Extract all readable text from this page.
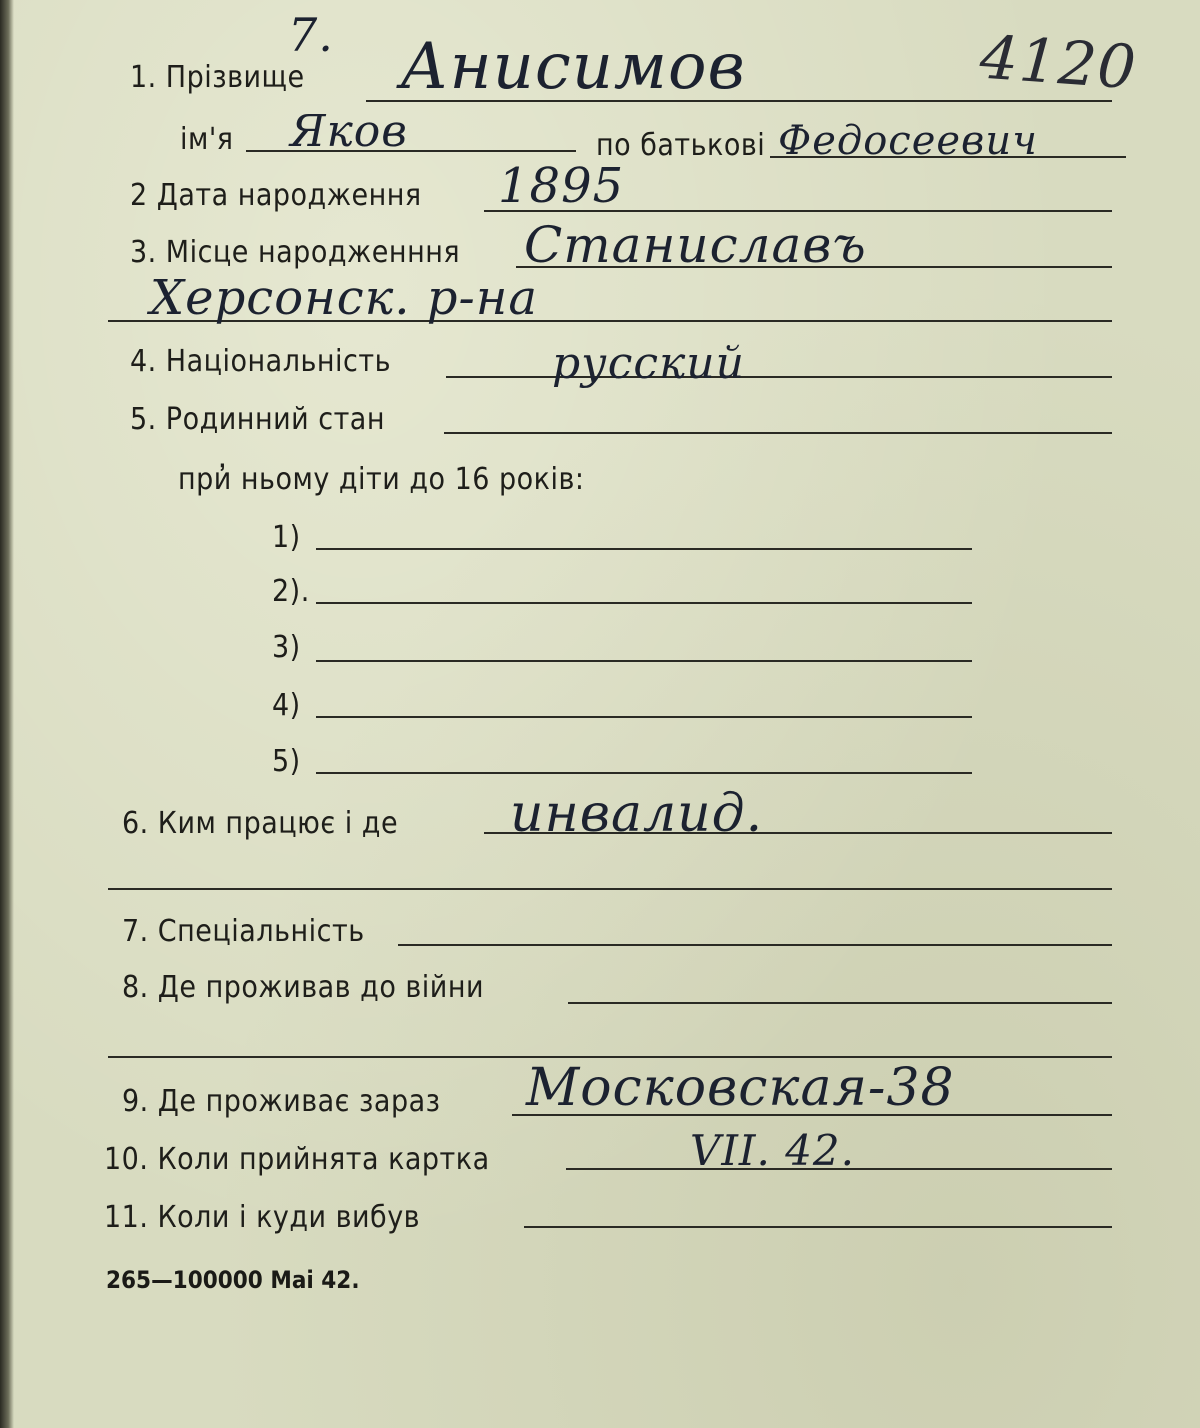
7.	4120
1. Прізвище Анисимов
ім'я Яков	по батькові Федосеевич
2 Дата народження 1895
3. Місце народженння Станиславъ
Херсонск. р-на
4. Національність	русский
5. Родинний стан
при̓ ньому діти до 16 років:
1)
2).
3)
4)
5)
6. Ким працює і де инвалид.
7. Спеціальність
8. Де проживав до війни
9. Де проживає зараз Московская-38
10. Коли прийнята картка	VII. 42.
11. Коли і куди вибув
265—100000 Mai 42.
